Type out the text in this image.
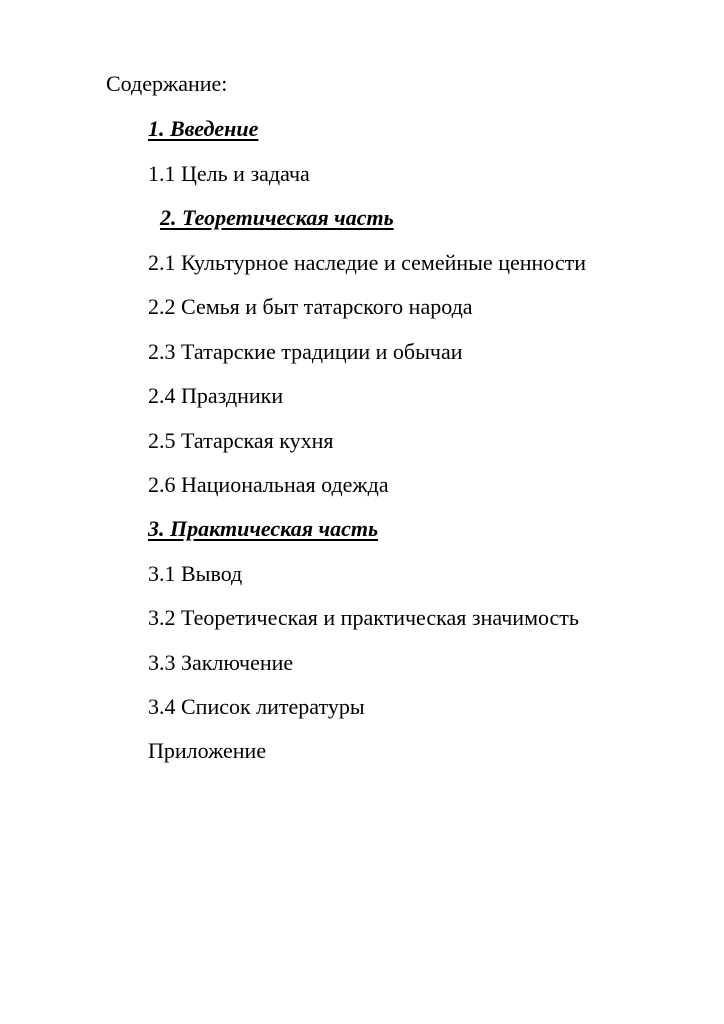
Содержание:
1. Введение
1.1 Цель и задача
2. Теоретическая часть
2.1 Культурное наследие и семейные ценности
2.2 Семья и быт татарского народа
2.3 Татарские традиции и обычаи
2.4 Праздники
2.5 Татарская кухня
2.6 Национальная одежда
3. Практическая часть
3.1 Вывод
3.2 Теоретическая и практическая значимость
3.3 Заключение
3.4 Список литературы
Приложение
